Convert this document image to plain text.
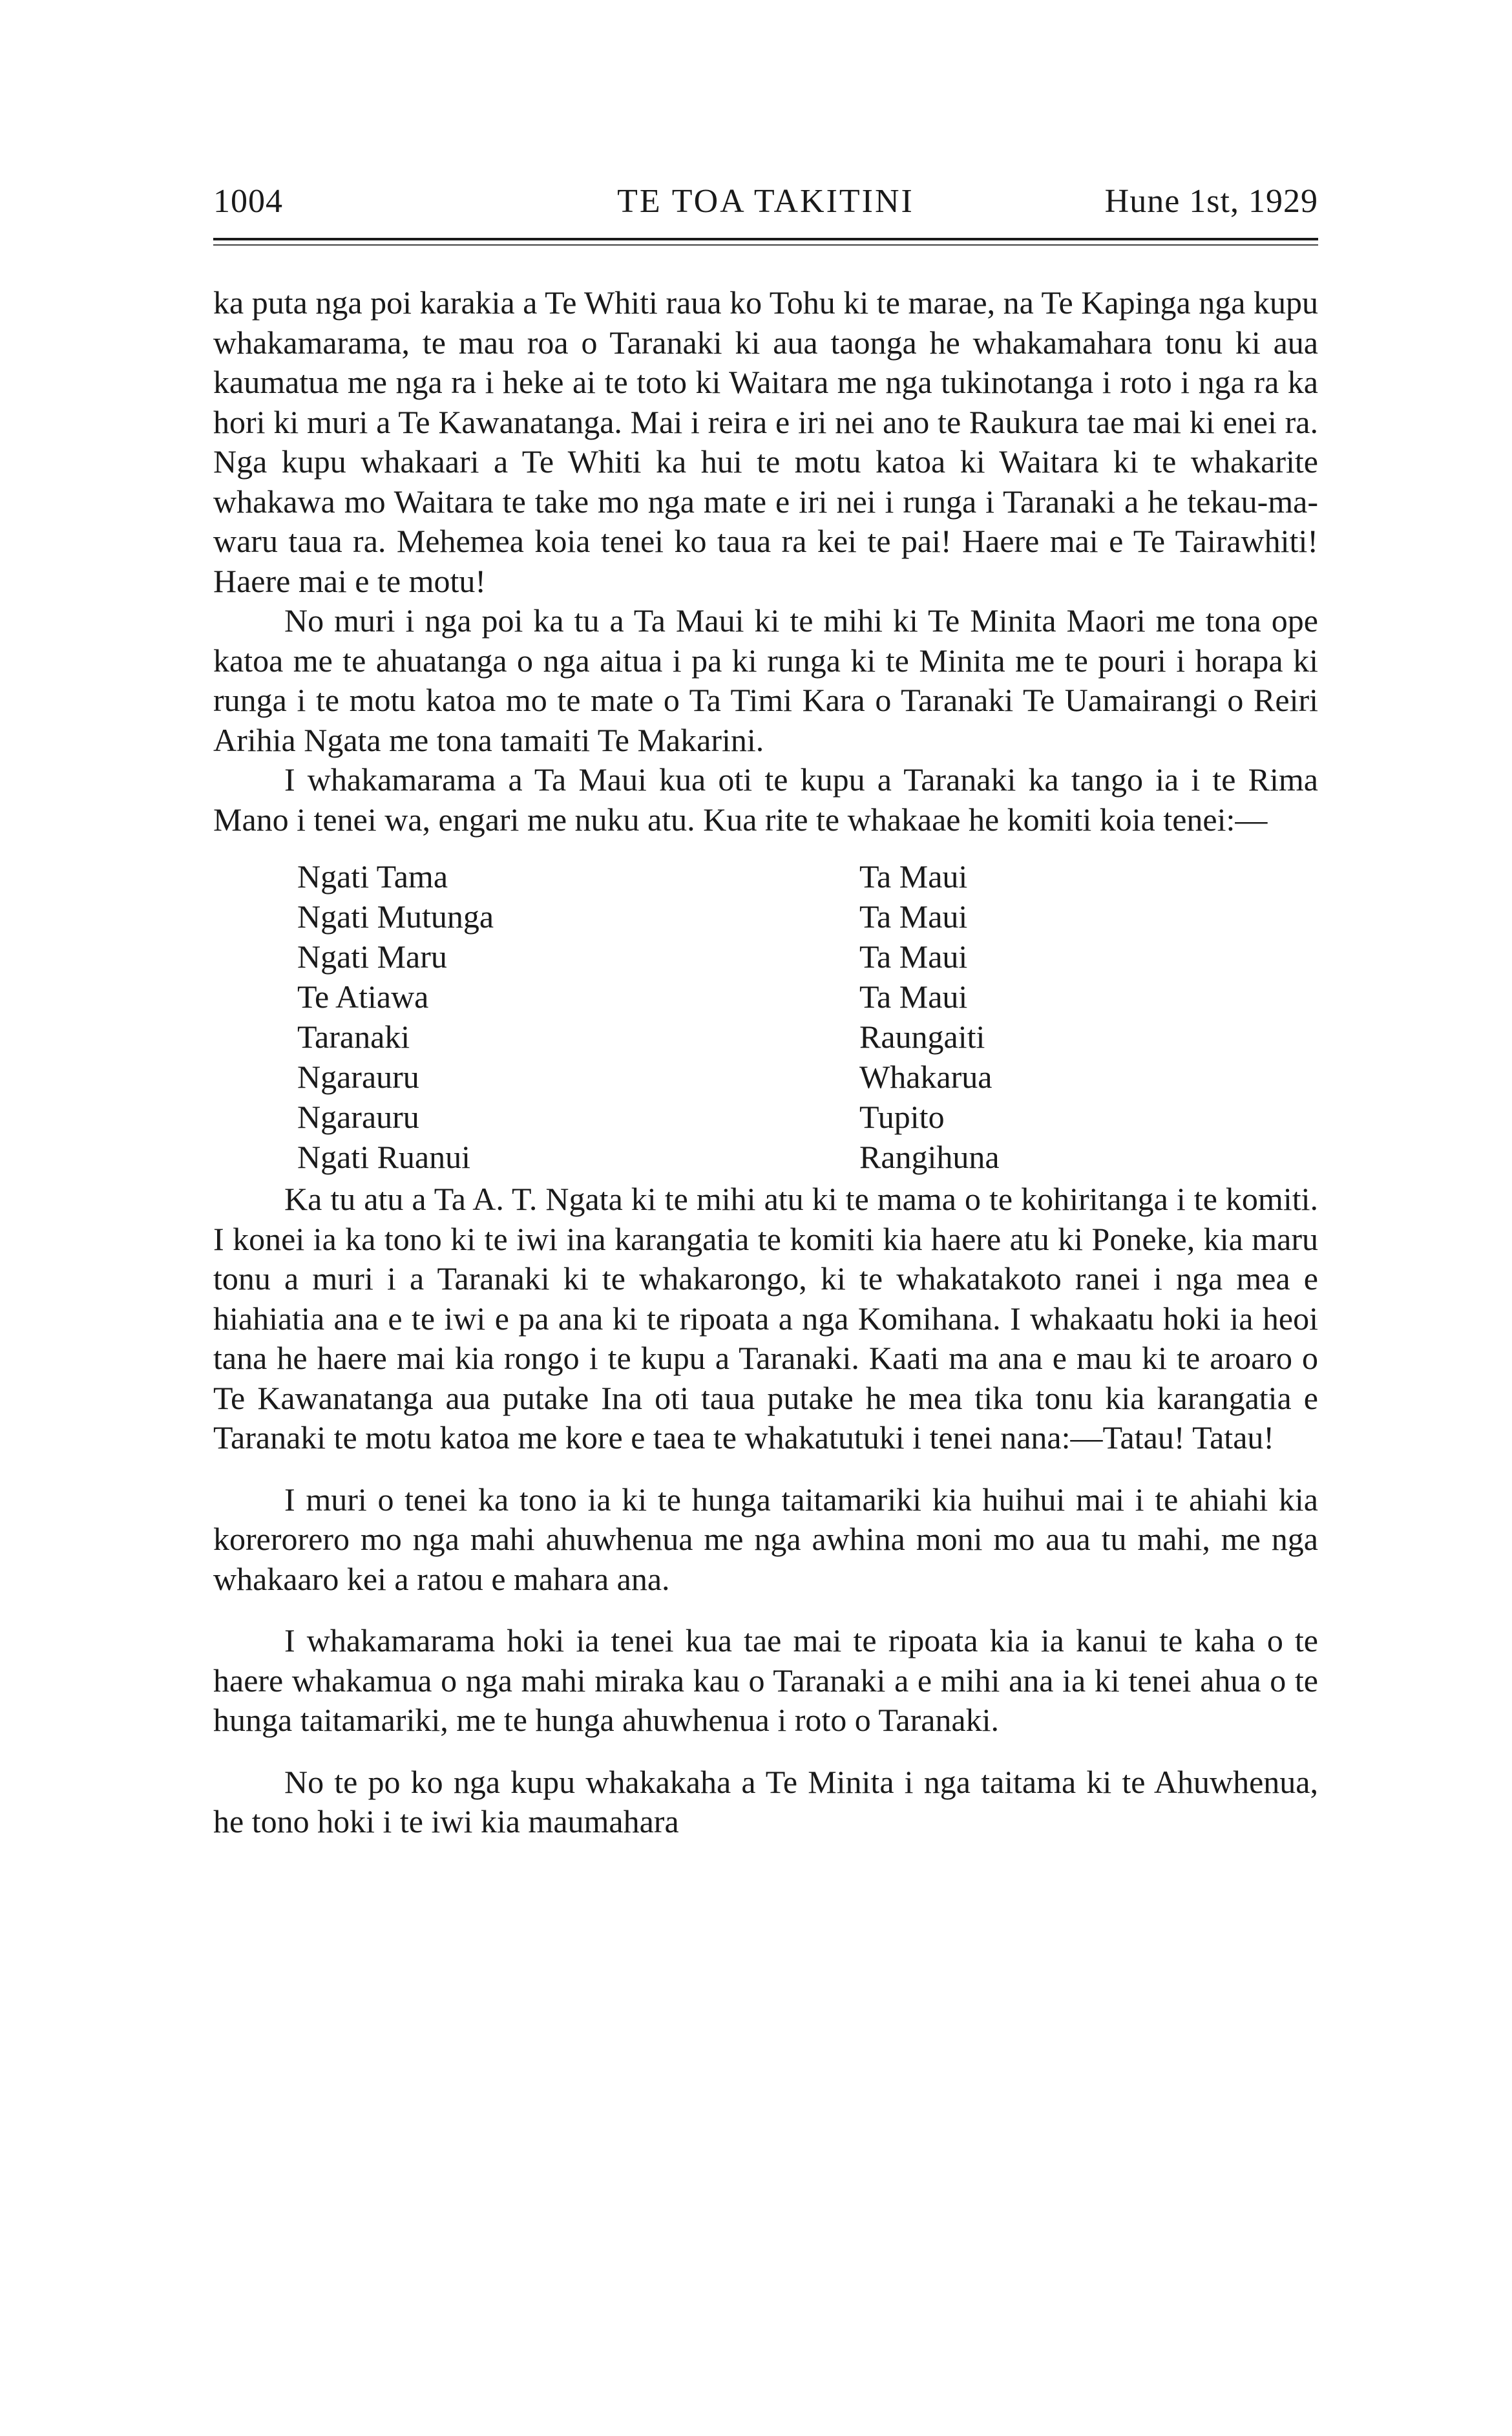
1004	TE TOA TAKITINI	Hune 1st, 1929

ka puta nga poi karakia a Te Whiti raua ko Tohu ki te marae, na Te Kapinga nga kupu whakamarama, te mau roa o Taranaki ki aua taonga he whakamahara tonu ki aua kaumatua me nga ra i heke ai te toto ki Waitara me nga tukinotanga i roto i nga ra ka hori ki muri a Te Kawanatanga. Mai i reira e iri nei ano te Raukura tae mai ki enei ra. Nga kupu whakaari a Te Whiti ka hui te motu katoa ki Waitara ki te whakarite whakawa mo Waitara te take mo nga mate e iri nei i runga i Taranaki a he tekau-ma-waru taua ra. Mehemea koia tenei ko taua ra kei te pai! Haere mai e Te Tairawhiti! Haere mai e te motu!

No muri i nga poi ka tu a Ta Maui ki te mihi ki Te Minita Maori me tona ope katoa me te ahuatanga o nga aitua i pa ki runga ki te Minita me te pouri i horapa ki runga i te motu katoa mo te mate o Ta Timi Kara o Taranaki Te Uamairangi o Reiri Arihia Ngata me tona tamaiti Te Makarini.

I whakamarama a Ta Maui kua oti te kupu a Taranaki ka tango ia i te Rima Mano i tenei wa, engari me nuku atu. Kua rite te whakaae he komiti koia tenei:—

Ngati Tama	Ta Maui
Ngati Mutunga	Ta Maui
Ngati Maru	Ta Maui
Te Atiawa	Ta Maui
Taranaki	Raungaiti
Ngarauru	Whakarua
Ngarauru	Tupito
Ngati Ruanui	Rangihuna

Ka tu atu a Ta A. T. Ngata ki te mihi atu ki te mama o te kohiritanga i te komiti. I konei ia ka tono ki te iwi ina karangatia te komiti kia haere atu ki Poneke, kia maru tonu a muri i a Taranaki ki te whakarongo, ki te whakatakoto ranei i nga mea e hiahiatia ana e te iwi e pa ana ki te ripoata a nga Komihana. I whakaatu hoki ia heoi tana he haere mai kia rongo i te kupu a Taranaki. Kaati ma ana e mau ki te aroaro o Te Kawanatanga aua putake Ina oti taua putake he mea tika tonu kia karangatia e Taranaki te motu katoa me kore e taea te whakatutuki i tenei nana:—Tatau! Tatau!

I muri o tenei ka tono ia ki te hunga taitamariki kia huihui mai i te ahiahi kia korerorero mo nga mahi ahuwhenua me nga awhina moni mo aua tu mahi, me nga whakaaro kei a ratou e mahara ana.

I whakamarama hoki ia tenei kua tae mai te ripoata kia ia kanui te kaha o te haere whakamua o nga mahi miraka kau o Taranaki a e mihi ana ia ki tenei ahua o te hunga taitamariki, me te hunga ahuwhenua i roto o Taranaki.

No te po ko nga kupu whakakaha a Te Minita i nga taitama ki te Ahuwhenua, he tono hoki i te iwi kia maumahara
